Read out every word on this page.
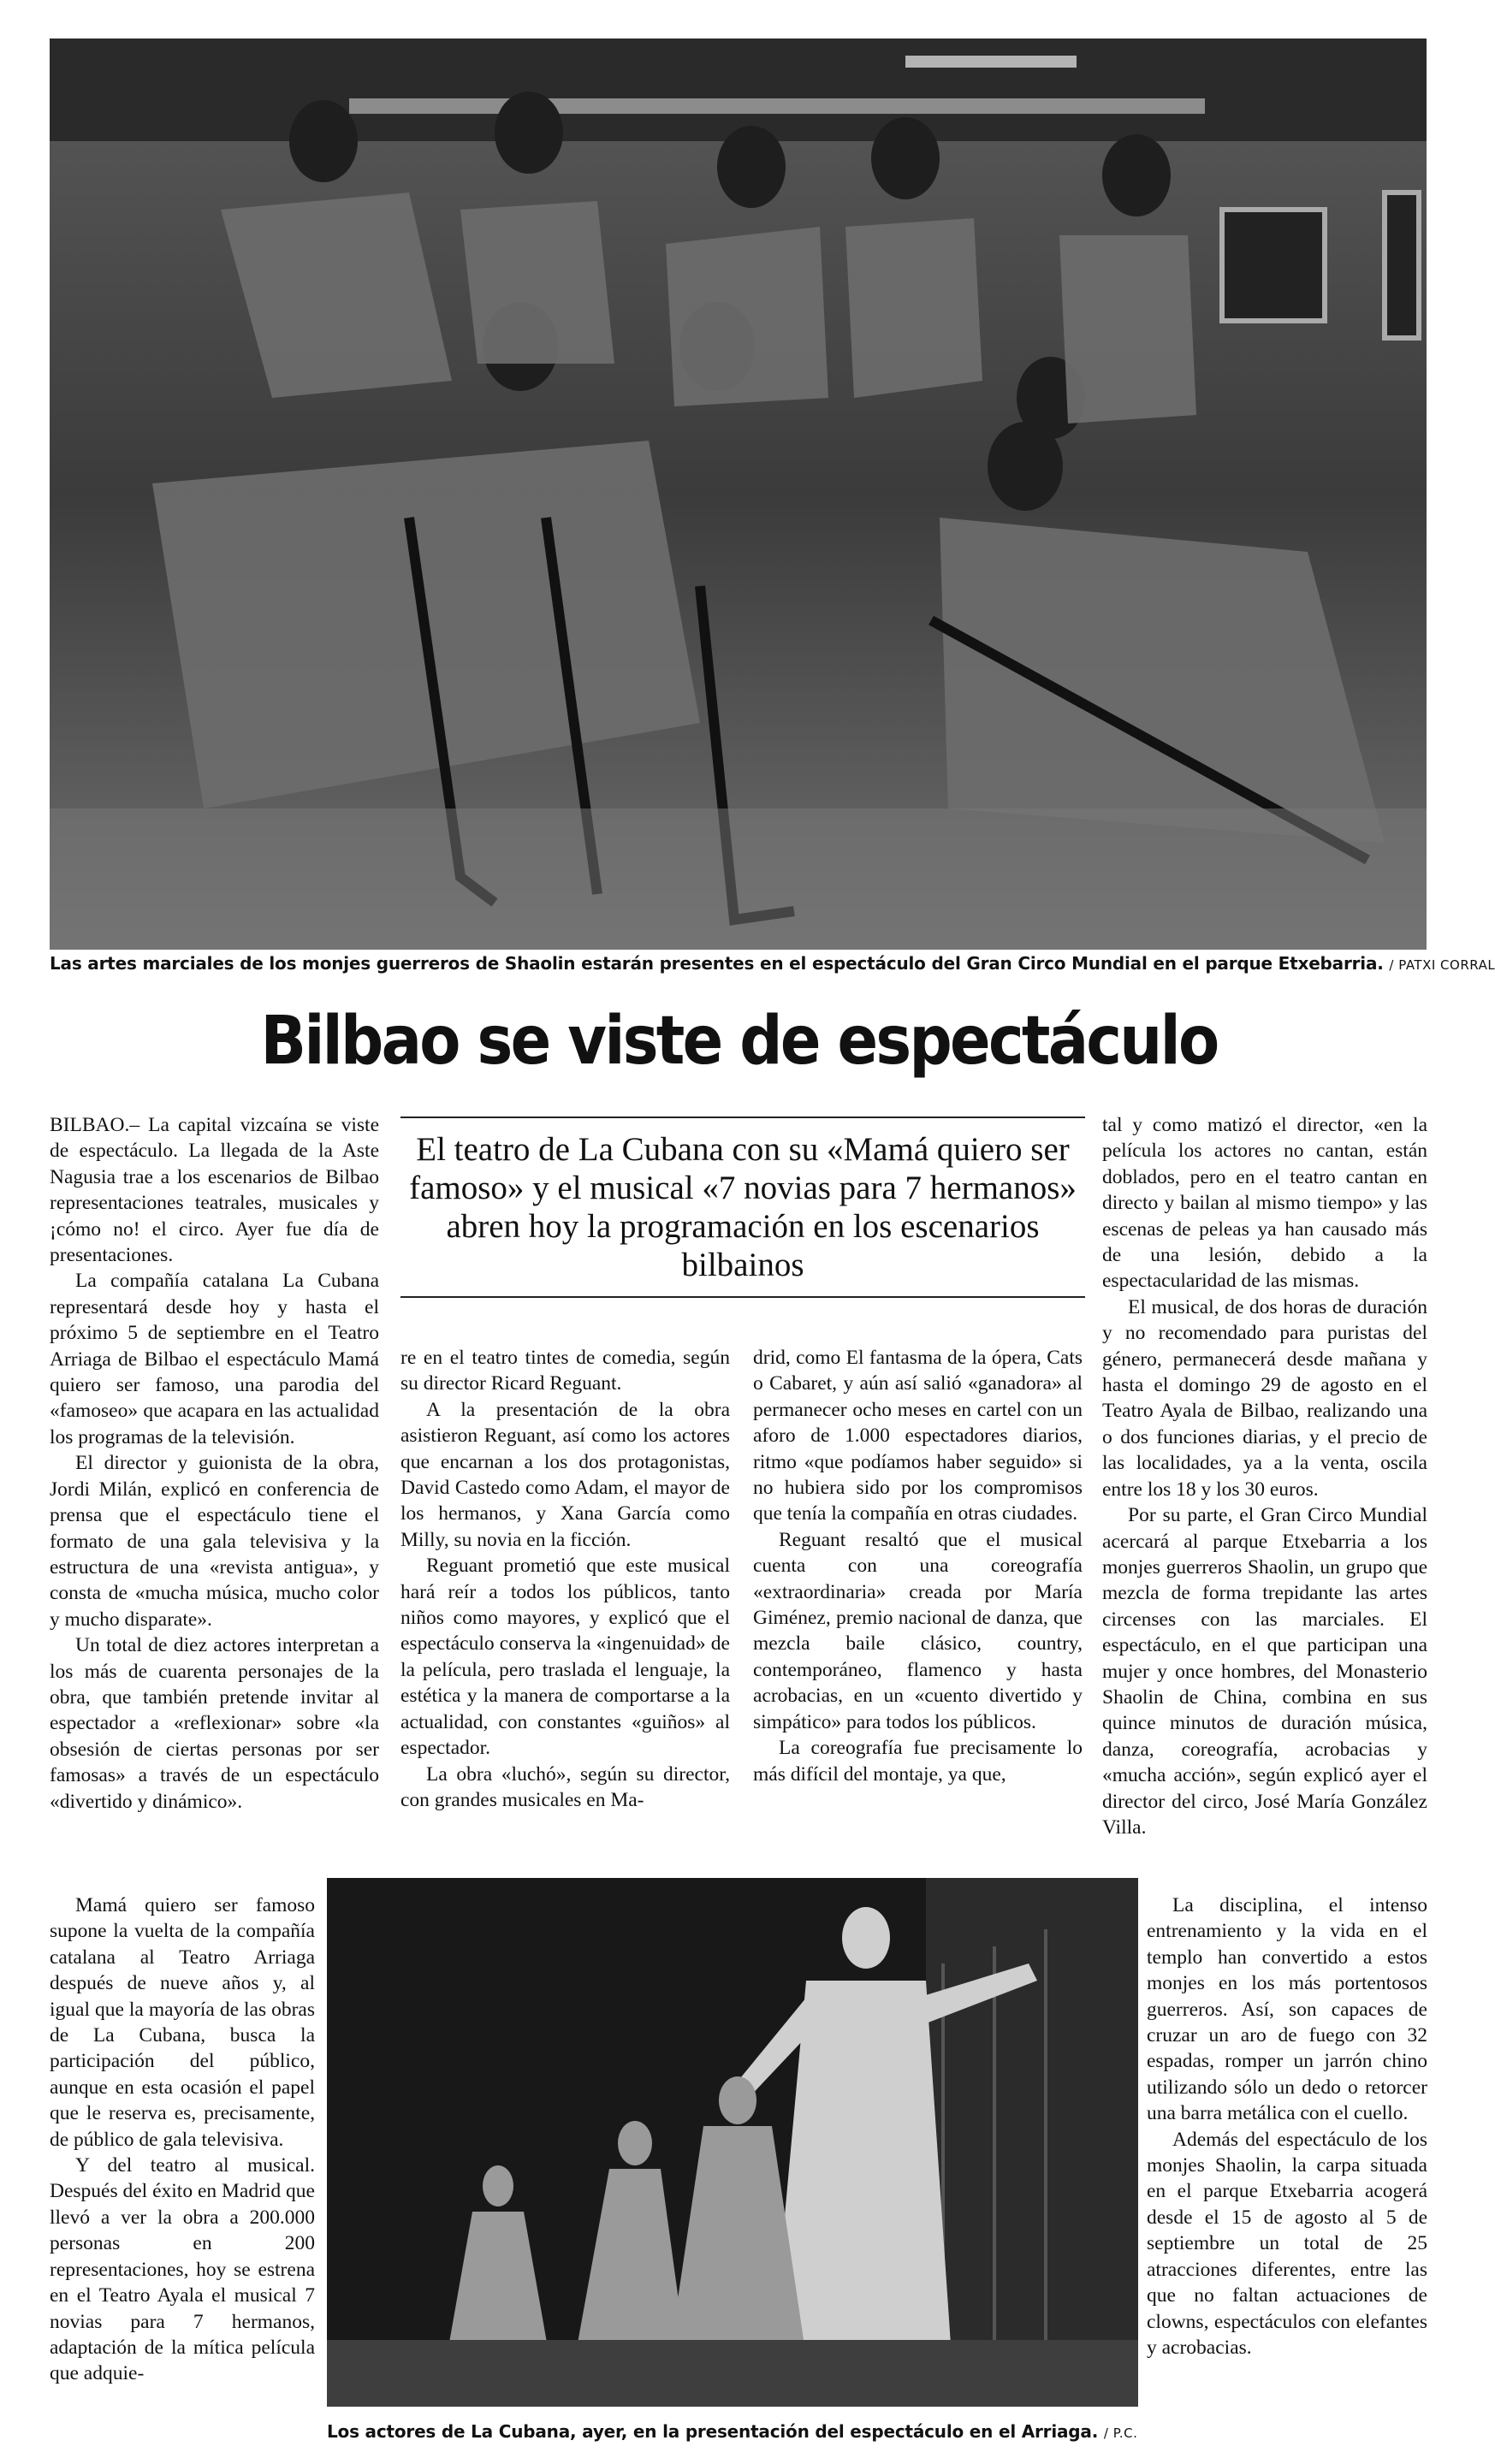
Las artes marciales de los monjes guerreros de Shaolin estarán presentes en el espectáculo del Gran Circo Mundial en el parque Etxebarria. / PATXI CORRAL
Bilbao se viste de espectáculo
El teatro de La Cubana con su «Mamá quiero ser famoso» y el musical «7 novias para 7 hermanos» abren hoy la programación en los escenarios bilbainos

BILBAO.– La capital vizcaína se viste de espectáculo. La llegada de la Aste Nagusia trae a los escenarios de Bilbao representaciones teatrales, musicales y ¡cómo no! el circo. Ayer fue día de presentaciones.

La compañía catalana La Cubana representará desde hoy y hasta el próximo 5 de septiembre en el Teatro Arriaga de Bilbao el espectáculo Mamá quiero ser famoso, una parodia del «famoseo» que acapara en las actualidad los programas de la televisión.

El director y guionista de la obra, Jordi Milán, explicó en conferencia de prensa que el espectáculo tiene el formato de una gala televisiva y la estructura de una «revista antigua», y consta de «mucha música, mucho color y mucho disparate».

Un total de diez actores interpretan a los más de cuarenta personajes de la obra, que también pretende invitar al espectador a «reflexionar» sobre «la obsesión de ciertas personas por ser famosas» a través de un espectáculo «divertido y dinámico».

Mamá quiero ser famoso supone la vuelta de la compañía catalana al Teatro Arriaga después de nueve años y, al igual que la mayoría de las obras de La Cubana, busca la participación del público, aunque en esta ocasión el papel que le reserva es, precisamente, de público de gala televisiva.

Y del teatro al musical. Después del éxito en Madrid que llevó a ver la obra a 200.000 personas en 200 representaciones, hoy se estrena en el Teatro Ayala el musical 7 novias para 7 hermanos, adaptación de la mítica película que adquie-

re en el teatro tintes de comedia, según su director Ricard Reguant.

A la presentación de la obra asistieron Reguant, así como los actores que encarnan a los dos protagonistas, David Castedo como Adam, el mayor de los hermanos, y Xana García como Milly, su novia en la ficción.

Reguant prometió que este musical hará reír a todos los públicos, tanto niños como mayores, y explicó que el espectáculo conserva la «ingenuidad» de la película, pero traslada el lenguaje, la estética y la manera de comportarse a la actualidad, con constantes «guiños» al espectador.

La obra «luchó», según su director, con grandes musicales en Ma-

drid, como El fantasma de la ópera, Cats o Cabaret, y aún así salió «ganadora» al permanecer ocho meses en cartel con un aforo de 1.000 espectadores diarios, ritmo «que podíamos haber seguido» si no hubiera sido por los compromisos que tenía la compañía en otras ciudades.

Reguant resaltó que el musical cuenta con una coreografía «extraordinaria» creada por María Giménez, premio nacional de danza, que mezcla baile clásico, country, contemporáneo, flamenco y hasta acrobacias, en un «cuento divertido y simpático» para todos los públicos.

La coreografía fue precisamente lo más difícil del montaje, ya que,

tal y como matizó el director, «en la película los actores no cantan, están doblados, pero en el teatro cantan en directo y bailan al mismo tiempo» y las escenas de peleas ya han causado más de una lesión, debido a la espectacularidad de las mismas.

El musical, de dos horas de duración y no recomendado para puristas del género, permanecerá desde mañana y hasta el domingo 29 de agosto en el Teatro Ayala de Bilbao, realizando una o dos funciones diarias, y el precio de las localidades, ya a la venta, oscila entre los 18 y los 30 euros.

Por su parte, el Gran Circo Mundial acercará al parque Etxebarria a los monjes guerreros Shaolin, un grupo que mezcla de forma trepidante las artes circenses con las marciales. El espectáculo, en el que participan una mujer y once hombres, del Monasterio Shaolin de China, combina en sus quince minutos de duración música, danza, coreografía, acrobacias y «mucha acción», según explicó ayer el director del circo, José María González Villa.

La disciplina, el intenso entrenamiento y la vida en el templo han convertido a estos monjes en los más portentosos guerreros. Así, son capaces de cruzar un aro de fuego con 32 espadas, romper un jarrón chino utilizando sólo un dedo o retorcer una barra metálica con el cuello.

Además del espectáculo de los monjes Shaolin, la carpa situada en el parque Etxebarria acogerá desde el 15 de agosto al 5 de septiembre un total de 25 atracciones diferentes, entre las que no faltan actuaciones de clowns, espectáculos con elefantes y acrobacias.

Los actores de La Cubana, ayer, en la presentación del espectáculo en el Arriaga. / P.C.
